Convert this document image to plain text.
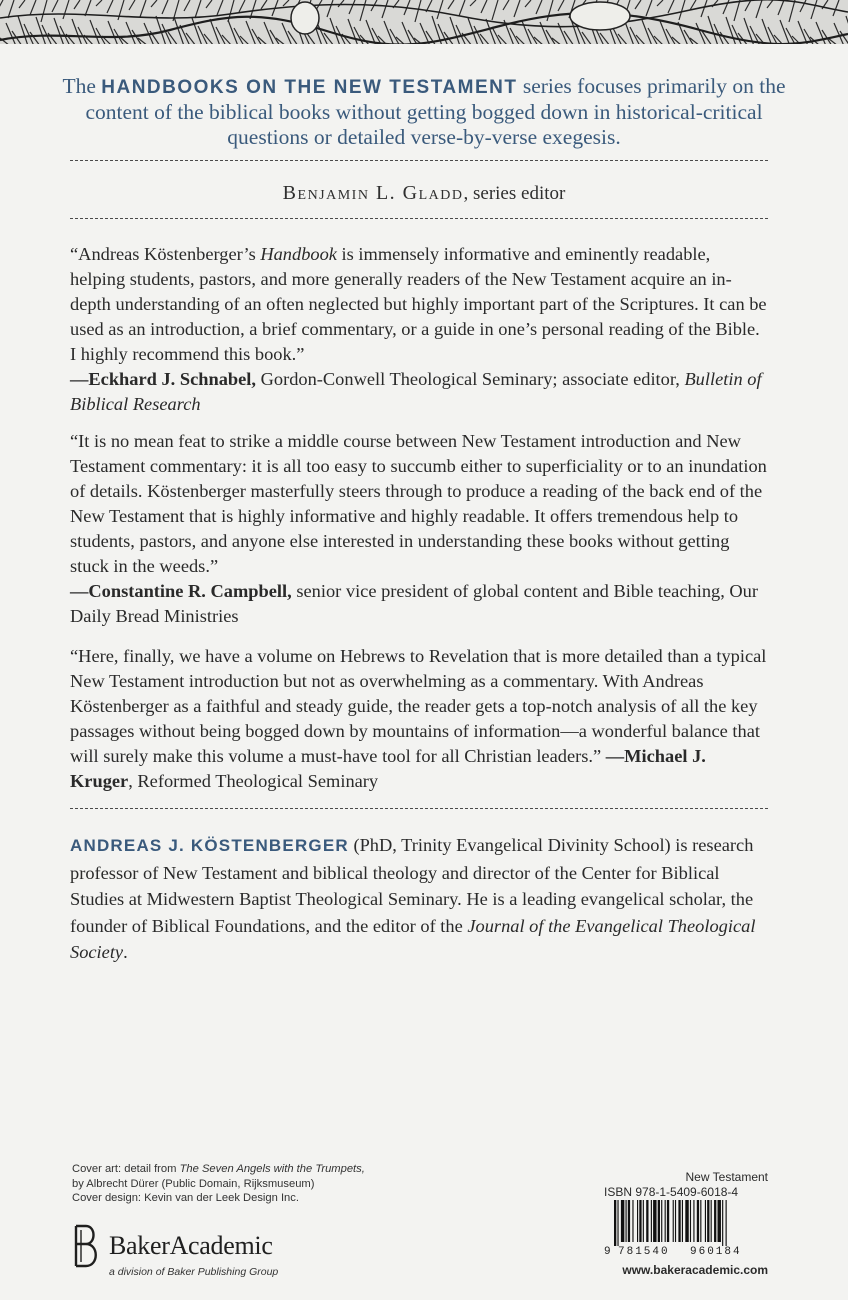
The HANDBOOKS ON THE NEW TESTAMENT series focuses primarily on the content of the biblical books without getting bogged down in historical-critical questions or detailed verse-by-verse exegesis.
Benjamin L. Gladd, series editor

“Andreas Köstenberger’s Handbook is immensely informative and eminently readable, helping students, pastors, and more generally readers of the New Testament acquire an in-depth understanding of an often neglected but highly important part of the Scriptures. It can be used as an introduction, a brief commentary, or a guide in one’s personal reading of the Bible. I highly recommend this book.”

—Eckhard J. Schnabel, Gordon-Conwell Theological Seminary; associate editor, Bulletin of Biblical Research

“It is no mean feat to strike a middle course between New Testament introduction and New Testament commentary: it is all too easy to succumb either to superficiality or to an inundation of details. Köstenberger masterfully steers through to produce a reading of the back end of the New Testament that is highly informative and highly readable. It offers tremendous help to students, pastors, and anyone else interested in understanding these books without getting stuck in the weeds.”

—Constantine R. Campbell, senior vice president of global content and Bible teaching, Our Daily Bread Ministries

“Here, finally, we have a volume on Hebrews to Revelation that is more detailed than a typical New Testament introduction but not as overwhelming as a commentary. With Andreas Köstenberger as a faithful and steady guide, the reader gets a top-notch analysis of all the key passages without being bogged down by mountains of information—a wonderful balance that will surely make this volume a must-have tool for all Christian leaders.” —Michael J. Kruger, Reformed Theological Seminary

ANDREAS J. KÖSTENBERGER (PhD, Trinity Evangelical Divinity School) is research professor of New Testament and biblical theology and director of the Center for Biblical Studies at Midwestern Baptist Theological Seminary. He is a leading evangelical scholar, the founder of Biblical Foundations, and the editor of the Journal of the Evangelical Theological Society.
Cover art: detail from The Seven Angels with the Trumpets,
by Albrecht Dürer (Public Domain, Rijksmuseum)
Cover design: Kevin van der Leek Design Inc.
BakerAcademic
a division of Baker Publishing Group
New Testament
ISBN 978-1-5409-6018-4
9 781540 960184
www.bakeracademic.com
